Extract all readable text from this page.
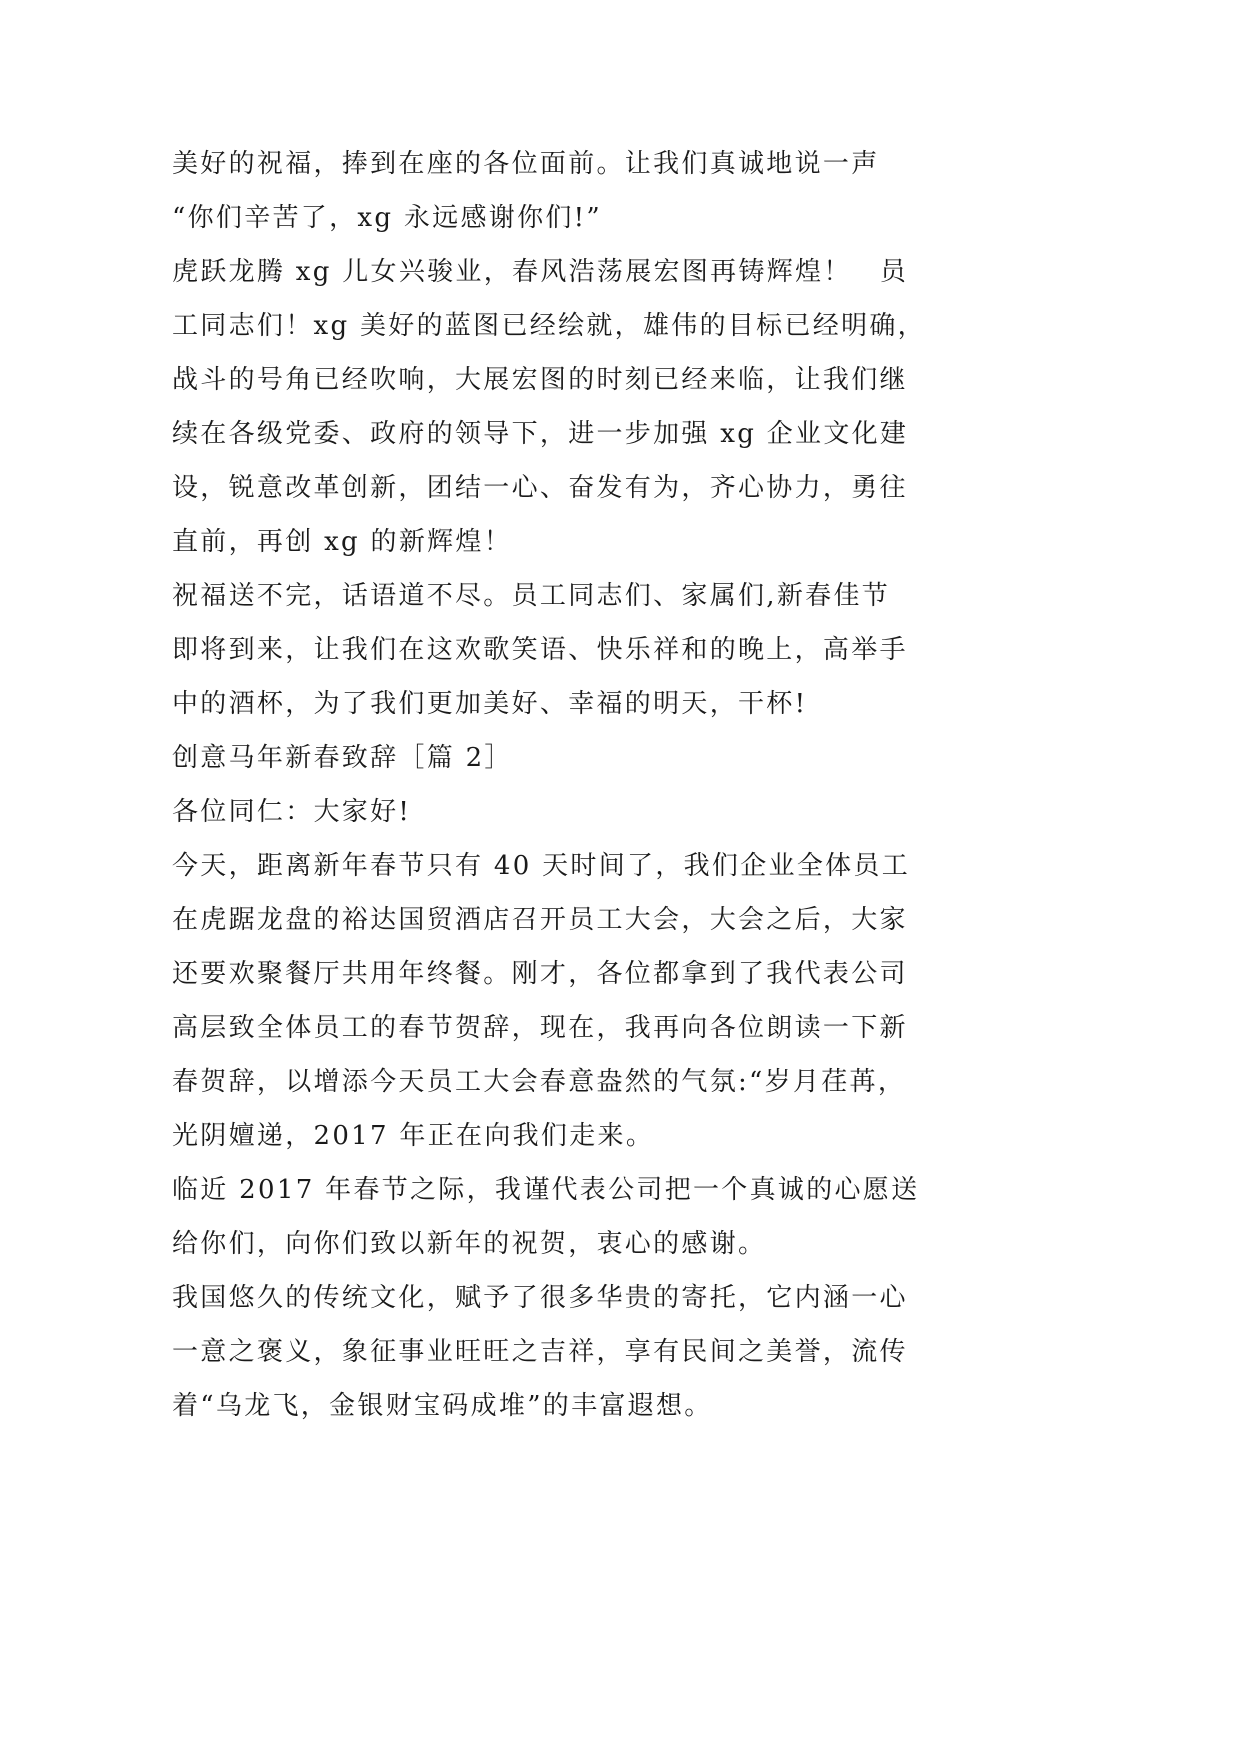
美好的祝福，捧到在座的各位面前。让我们真诚地说一声
“你们辛苦了，xg 永远感谢你们!”
虎跃龙腾 xg 儿女兴骏业，春风浩荡展宏图再铸辉煌！　员
工同志们！xg 美好的蓝图已经绘就，雄伟的目标已经明确，
战斗的号角已经吹响，大展宏图的时刻已经来临，让我们继
续在各级党委、政府的领导下，进一步加强 xg 企业文化建
设，锐意改革创新，团结一心、奋发有为，齐心协力，勇往
直前，再创 xg 的新辉煌！
祝福送不完，话语道不尽。员工同志们、家属们,新春佳节
即将到来，让我们在这欢歌笑语、快乐祥和的晚上，高举手
中的酒杯，为了我们更加美好、幸福的明天，干杯!
创意马年新春致辞［篇 2］
各位同仁：大家好!
今天，距离新年春节只有 40 天时间了，我们企业全体员工
在虎踞龙盘的裕达国贸酒店召开员工大会，大会之后，大家
还要欢聚餐厅共用年终餐。刚才，各位都拿到了我代表公司
高层致全体员工的春节贺辞，现在，我再向各位朗读一下新
春贺辞，以增添今天员工大会春意盎然的气氛:“岁月荏苒，
光阴嬗递，2017 年正在向我们走来。
临近 2017 年春节之际，我谨代表公司把一个真诚的心愿送
给你们，向你们致以新年的祝贺，衷心的感谢。
我国悠久的传统文化，赋予了很多华贵的寄托，它内涵一心
一意之褒义，象征事业旺旺之吉祥，享有民间之美誉，流传
着“乌龙飞，金银财宝码成堆”的丰富遐想。
